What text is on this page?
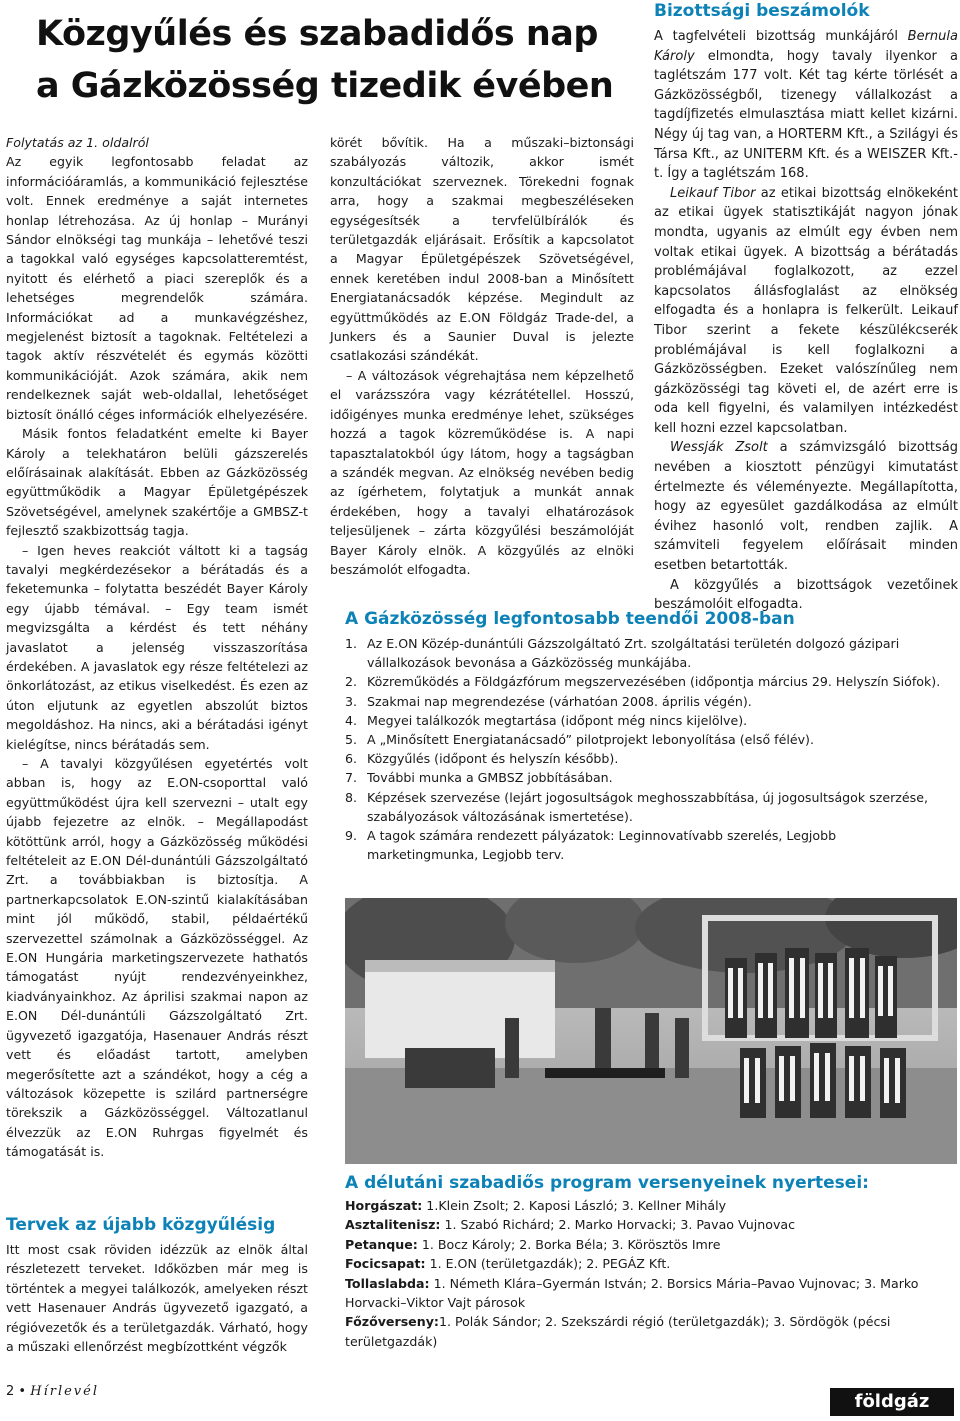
Közgyűlés és szabadidős nap
a Gázközösség tizedik évében

Folytatás az 1. oldalról

Az egyik legfontosabb feladat az információáramlás, a kommunikáció fejlesztése volt. Ennek eredménye a saját internetes honlap létrehozása. Az új honlap – Murányi Sándor elnökségi tag munkája – lehetővé teszi a tagokkal való egységes kapcsolatteremtést, nyitott és elérhető a piaci szereplők és a lehetséges megrendelők számára. Információkat ad a munkavégzéshez, megjelenést biztosít a tagoknak. Feltételezi a tagok aktív részvételét és egymás közötti kommunikációját. Azok számára, akik nem rendelkeznek saját web-oldallal, lehetőséget biztosít önálló céges információk elhelyezésére.

Másik fontos feladatként emelte ki Bayer Károly a telekhatáron belüli gázszerelés előírásainak alakítását. Ebben az Gázközösség együttműködik a Magyar Épületgépészek Szövetségével, amelynek szakértője a GMBSZ-t fejlesztő szakbizottság tagja.

– Igen heves reakciót váltott ki a tagság tavalyi megkérdezésekor a bérátadás és a feketemunka – folytatta beszédét Bayer Károly egy újabb témával. – Egy team ismét megvizsgálta a kérdést és tett néhány javaslatot a jelenség visszaszorítása érdekében. A javaslatok egy része feltételezi az önkorlátozást, az etikus viselkedést. És ezen az úton eljutunk az egyetlen abszolút biztos megoldáshoz. Ha nincs, aki a bérátadási igényt kielégítse, nincs bérátadás sem.

– A tavalyi közgyűlésen egyetértés volt abban is, hogy az E.ON-csoporttal való együttműködést újra kell szervezni – utalt egy újabb fejezetre az elnök. – Megállapodást kötöttünk arról, hogy a Gázközösség működési feltételeit az E.ON Dél-dunántúli Gázszolgáltató Zrt. a továbbiakban is biztosítja. A partnerkapcsolatok E.ON-szintű kialakításában mint jól működő, stabil, példaértékű szervezettel számolnak a Gázközösséggel. Az E.ON Hungária marketingszervezete hathatós támogatást nyújt rendezvényeinkhez, kiadványainkhoz. Az áprilisi szakmai napon az E.ON Dél-dunántúli Gázszolgáltató Zrt. ügyvezető igazgatója, Hasenauer András részt vett és előadást tartott, amelyben megerősítette azt a szándékot, hogy a cég a változások közepette is szilárd partnerségre törekszik a Gázközösséggel. Változatlanul élvezzük az E.ON Ruhrgas figyelmét és támogatását is.

Tervek az újabb közgyűlésig
Itt most csak röviden idézzük az elnök által részletezett terveket. Időközben már meg is történtek a megyei találkozók, amelyeken részt vett Hasenauer András ügyvezető igazgató, a régióvezetők és a területgazdák. Várható, hogy a műszaki ellenőrzést megbízottként végzők

körét bővítik. Ha a műszaki–biztonsági szabályozás változik, akkor ismét konzultációkat szerveznek. Törekedni fognak arra, hogy a szakmai megbeszéléseken egységesítsék a tervfelülbírálók és területgazdák eljárásait. Erősítik a kapcsolatot a Magyar Épületgépészek Szövetségével, ennek keretében indul 2008-ban a Minősített Energiatanácsadók képzése. Megindult az együttműködés az E.ON Földgáz Trade-del, a Junkers és a Saunier Duval is jelezte csatlakozási szándékát.

– A változások végrehajtása nem képzelhető el varázsszóra vagy kézrátétellel. Hosszú, időigényes munka eredménye lehet, szükséges hozzá a tagok közreműködése is. A napi tapasztalatokból úgy látom, hogy a tagságban a szándék megvan. Az elnökség nevében bedig az ígérhetem, folytatjuk a munkát annak érdekében, hogy a tavalyi elhatározások teljesüljenek – zárta közgyűlési beszámolóját Bayer Károly elnök. A közgyűlés az elnöki beszámolót elfogadta.

Bizottsági beszámolók

A tagfelvételi bizottság munkájáról Bernula Károly elmondta, hogy tavaly ilyenkor a taglétszám 177 volt. Két tag kérte törlését a Gázközösségből, tizenegy vállalkozást a tagdíjfizetés elmulasztása miatt kellet kizárni. Négy új tag van, a HORTERM Kft., a Szilágyi és Társa Kft., az UNITERM Kft. és a WEISZER Kft.-t. Így a taglétszám 168.

Leikauf Tibor az etikai bizottság elnökeként az etikai ügyek statisztikáját nagyon jónak mondta, ugyanis az elmúlt egy évben nem voltak etikai ügyek. A bizottság a bérátadás problémájával foglalkozott, az ezzel kapcsolatos állásfoglalást az elnökség elfogadta és a honlapra is felkerült. Leikauf Tibor szerint a fekete készülékcserék problémájával is kell foglalkozni a Gázközösségben. Ezeket valószínűleg nem gázközösségi tag követi el, de azért erre is oda kell figyelni, és valamilyen intézkedést kell hozni ezzel kapcsolatban.

Wessják Zsolt a számvizsgáló bizottság nevében a kiosztott pénzügyi kimutatást értelmezte és véleményezte. Megállapította, hogy az egyesület gazdálkodása az elmúlt évihez hasonló volt, rendben zajlik. A számviteli fegyelem előírásait minden esetben betartották.

A közgyűlés a bizottságok vezetőinek beszámolóit elfogadta.

A Gázközösség legfontosabb teendői 2008-ban
1. Az E.ON Közép-dunántúli Gázszolgáltató Zrt. szolgáltatási területén dolgozó gázipari vállalkozások bevonása a Gázközösség munkájába.
2. Közreműködés a Földgázfórum megszervezésében (időpontja március 29. Helyszín Siófok).
3. Szakmai nap megrendezése (várhatóan 2008. április végén).
4. Megyei találkozók megtartása (időpont még nincs kijelölve).
5. A „Minősített Energiatanácsadó” pilotprojekt lebonyolítása (első félév).
6. Közgyűlés (időpont és helyszín később).
7. További munka a GMBSZ jobbításában.
8. Képzések szervezése (lejárt jogosultságok meghosszabbítása, új jogosultságok szerzése, szabályozások változásának ismertetése).
9. A tagok számára rendezett pályázatok: Leginnovatívabb szerelés, Legjobb marketingmunka, Legjobb terv.
A délutáni szabadiős program versenyeinek nyertesei:
Horgászat: 1.Klein Zsolt; 2. Kaposi László; 3. Kellner Mihály
Asztalitenisz: 1. Szabó Richárd; 2. Marko Horvacki; 3. Pavao Vujnovac
Petanque: 1. Bocz Károly; 2. Borka Béla; 3. Körösztös Imre
Focicsapat: 1. E.ON (területgazdák); 2. PEGÁZ Kft.
Tollaslabda: 1. Németh Klára–Gyermán István; 2. Borsics Mária–Pavao Vujnovac; 3. Marko Horvacki–Viktor Vajt párosok
Főzőverseny:1. Polák Sándor; 2. Szekszárdi régió (területgazdák); 3. Sördögök (pécsi területgazdák)
2 • Hírlevél	földgáz
